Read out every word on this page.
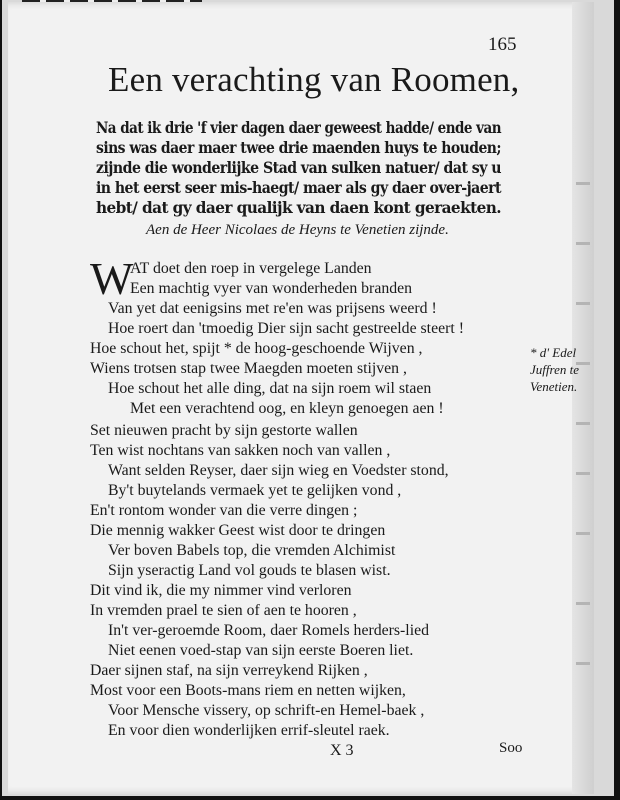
165
Een verachting van Roomen,
Na dat ik drie 'f vier dagen daer geweest hadde/ ende van
sins was daer maer twee drie maenden huys te houden;
zijnde die wonderlijke Stad van sulken natuer/ dat sy u
in het eerst seer mis-haegt/ maer als gy daer over-jaert
hebt/ dat gy daer qualijk van daen kont geraekten.
Aen de Heer Nicolaes de Heyns te Venetien zijnde.
W
AT doet den roep in vergelege Landen
Een machtig vyer van wonderheden branden
Van yet dat eenigsins met re'en was prijsens weerd !
Hoe roert dan 'tmoedig Dier sijn sacht gestreelde steert !
Hoe schout het, spijt * de hoog-geschoende Wijven ,
Wiens trotsen stap twee Maegden moeten stijven ,
Hoe schout het alle ding, dat na sijn roem wil staen
Met een verachtend oog, en kleyn genoegen aen !
Set nieuwen pracht by sijn gestorte wallen
Ten wist nochtans van sakken noch van vallen ,
Want selden Reyser, daer sijn wieg en Voedster stond,
By't buytelands vermaek yet te gelijken vond ,
En't rontom wonder van die verre dingen ;
Die mennig wakker Geest wist door te dringen
Ver boven Babels top, die vremden Alchimist
Sijn yseractig Land vol gouds te blasen wist.
Dit vind ik, die my nimmer vind verloren
In vremden prael te sien of aen te hooren ,
In't ver-geroemde Room, daer Romels herders-lied
Niet eenen voed-stap van sijn eerste Boeren liet.
Daer sijnen staf, na sijn verreykend Rijken ,
Most voor een Boots-mans riem en netten wijken,
Voor Mensche vissery, op schrift-en Hemel-baek ,
En voor dien wonderlijken errif-sleutel raek.
* d' Edel
Juffren te
Venetien.
X 3	Soo
